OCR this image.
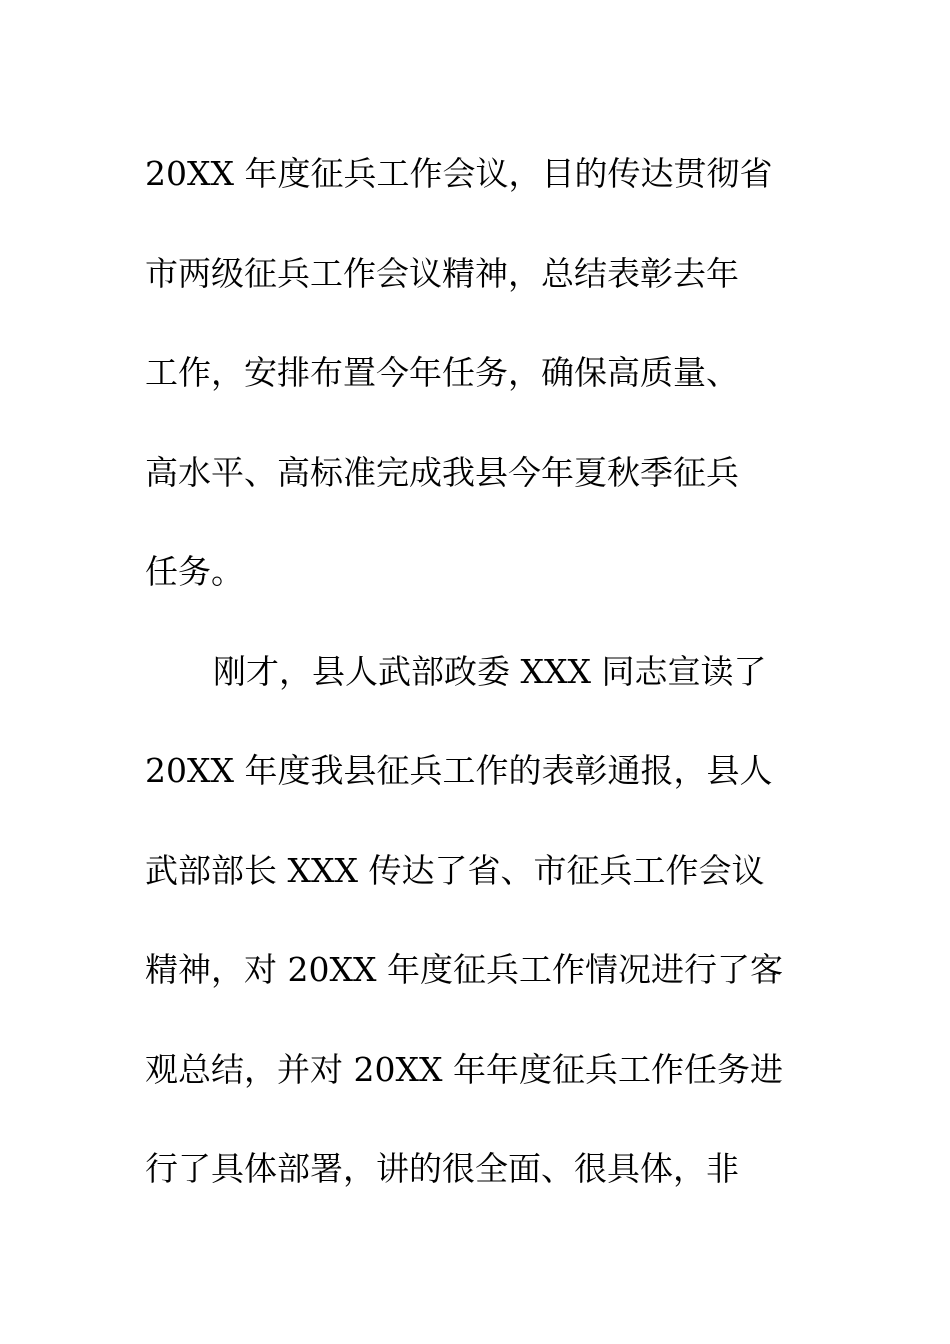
20XX 年度征兵工作会议，目的传达贯彻省
市两级征兵工作会议精神，总结表彰去年
工作，安排布置今年任务，确保高质量、
高水平、高标准完成我县今年夏秋季征兵
任务。
刚才，县人武部政委 XXX 同志宣读了
20XX 年度我县征兵工作的表彰通报，县人
武部部长 XXX 传达了省、市征兵工作会议
精神，对 20XX 年度征兵工作情况进行了客
观总结，并对 20XX 年年度征兵工作任务进
行了具体部署，讲的很全面、很具体，非
